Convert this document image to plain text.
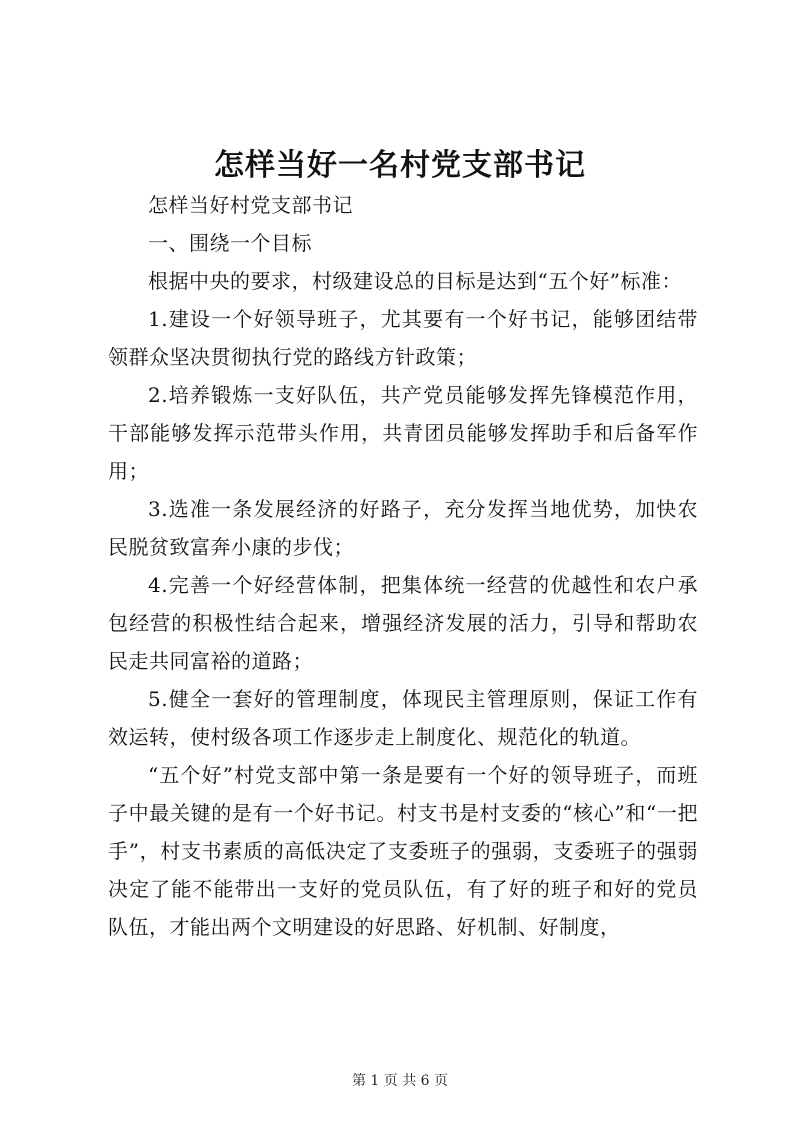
怎样当好一名村党支部书记

怎样当好村党支部书记

一、围绕一个目标

根据中央的要求，村级建设总的目标是达到“五个好”标准：

1.建设一个好领导班子，尤其要有一个好书记，能够团结带领群众坚决贯彻执行党的路线方针政策；

2.培养锻炼一支好队伍，共产党员能够发挥先锋模范作用，干部能够发挥示范带头作用，共青团员能够发挥助手和后备军作用；

3.选准一条发展经济的好路子，充分发挥当地优势，加快农民脱贫致富奔小康的步伐；

4.完善一个好经营体制，把集体统一经营的优越性和农户承包经营的积极性结合起来，增强经济发展的活力，引导和帮助农民走共同富裕的道路；

5.健全一套好的管理制度，体现民主管理原则，保证工作有效运转，使村级各项工作逐步走上制度化、规范化的轨道。

“五个好”村党支部中第一条是要有一个好的领导班子，而班子中最关键的是有一个好书记。村支书是村支委的“核心”和“一把手”，村支书素质的高低决定了支委班子的强弱，支委班子的强弱决定了能不能带出一支好的党员队伍，有了好的班子和好的党员队伍，才能出两个文明建设的好思路、好机制、好制度，

第 1 页 共 6 页
